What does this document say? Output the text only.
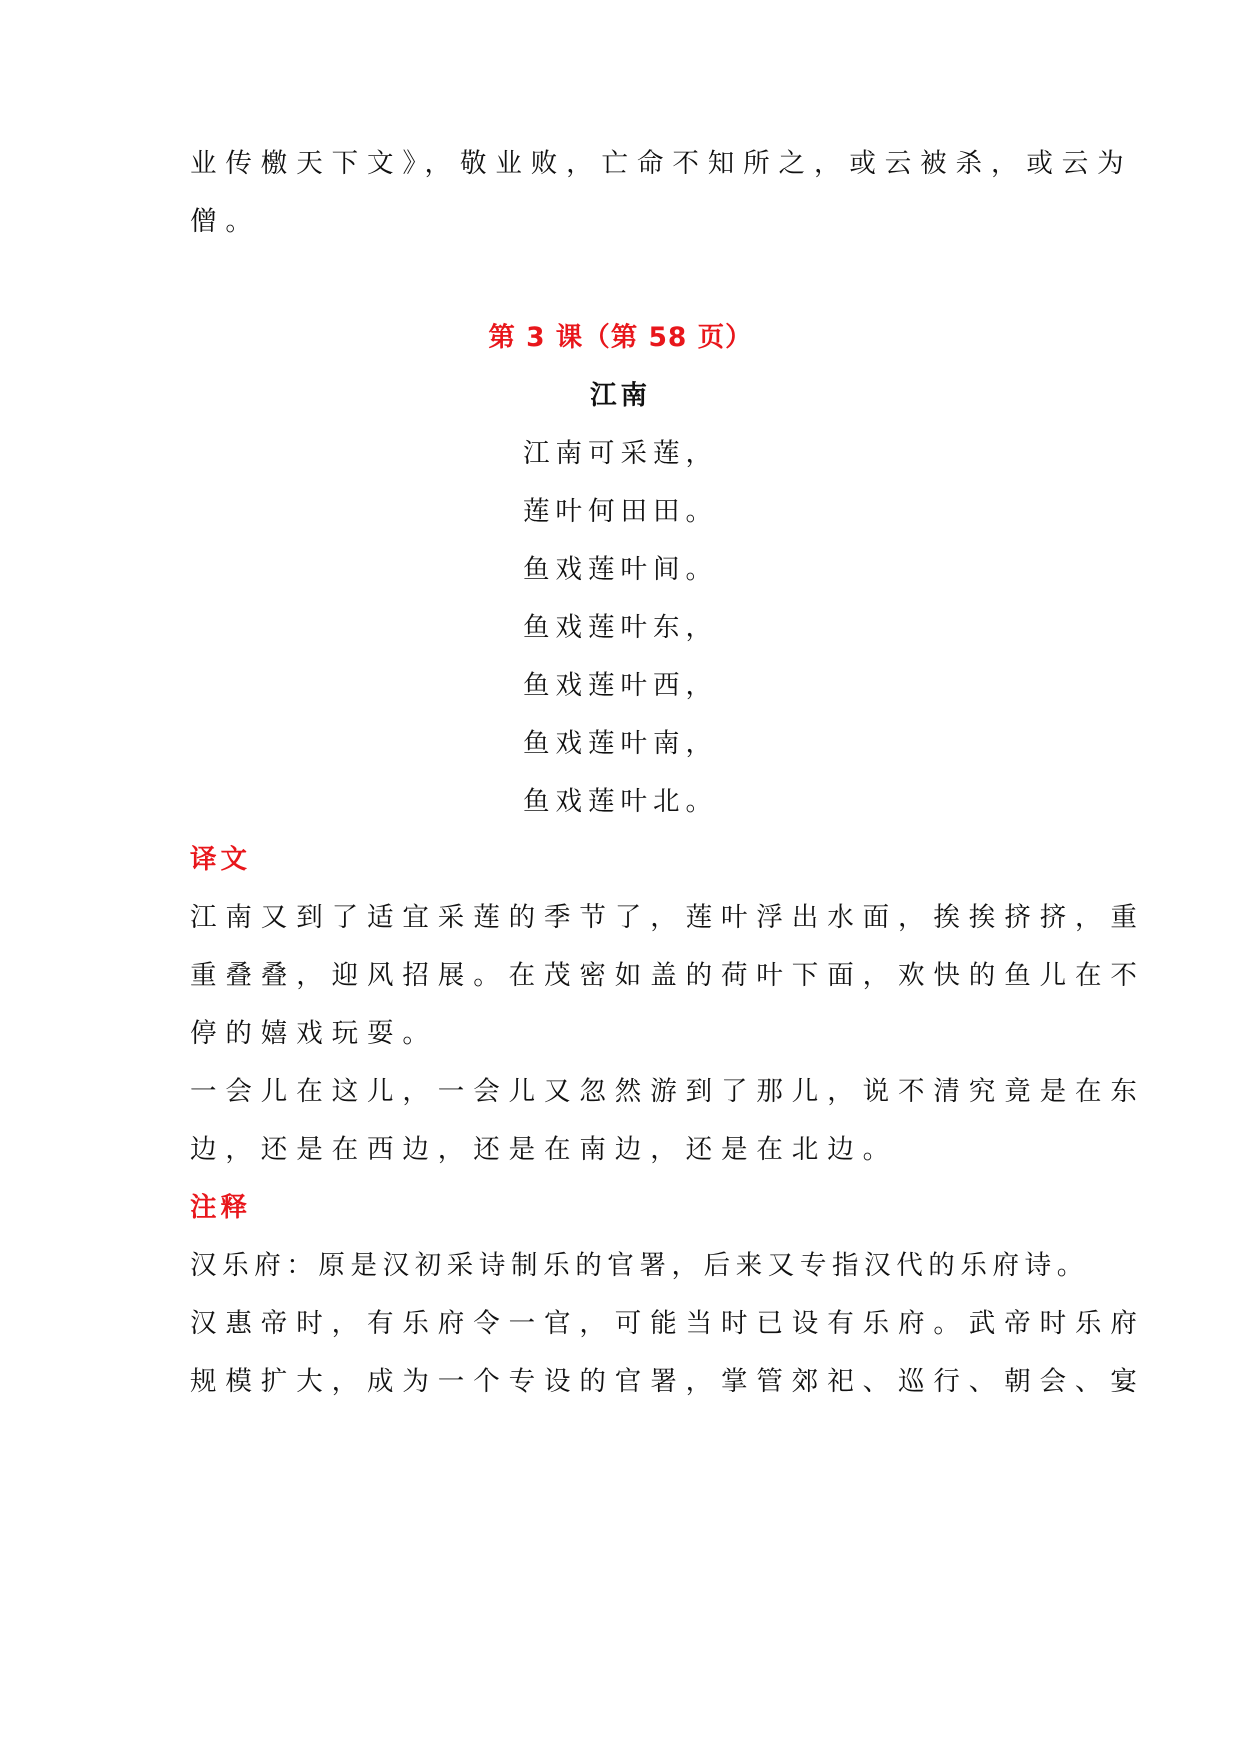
业传檄天下文》，敬业败，亡命不知所之，或云被杀，或云为
僧。
第 3 课（第 58 页）
江南
江南可采莲，
莲叶何田田。
鱼戏莲叶间。
鱼戏莲叶东，
鱼戏莲叶西，
鱼戏莲叶南，
鱼戏莲叶北。
译文
江南又到了适宜采莲的季节了，莲叶浮出水面，挨挨挤挤，重
重叠叠，迎风招展。在茂密如盖的荷叶下面，欢快的鱼儿在不
停的嬉戏玩耍。
一会儿在这儿，一会儿又忽然游到了那儿，说不清究竟是在东
边，还是在西边，还是在南边，还是在北边。
注释
汉乐府：原是汉初采诗制乐的官署，后来又专指汉代的乐府诗。
汉惠帝时，有乐府令一官，可能当时已设有乐府。武帝时乐府
规模扩大，成为一个专设的官署，掌管郊祀、巡行、朝会、宴
